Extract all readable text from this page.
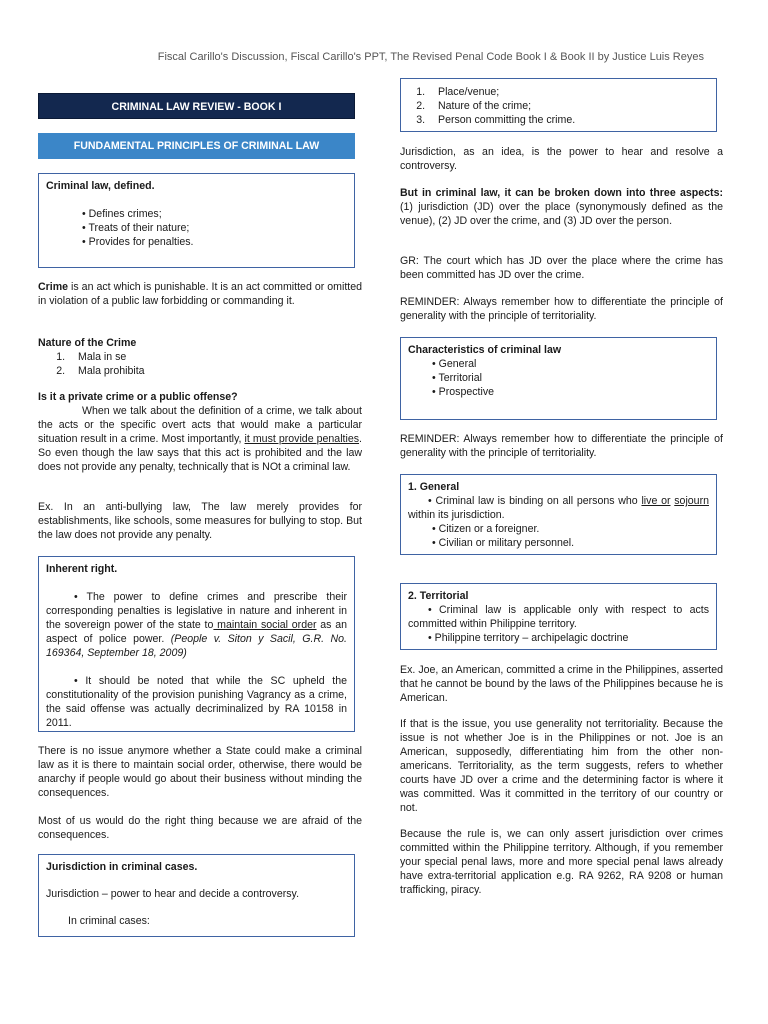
Fiscal Carillo's Discussion, Fiscal Carillo's PPT, The Revised Penal Code Book I & Book II by Justice Luis Reyes
CRIMINAL LAW REVIEW - BOOK I
FUNDAMENTAL PRINCIPLES OF CRIMINAL LAW
Criminal law, defined.
• Defines crimes;
• Treats of their nature;
• Provides for penalties.

Crime is an act which is punishable. It is an act committed or omitted in violation of a public law forbidding or commanding it.

Nature of the Crime
1. Mala in se
2. Mala prohibita
Is it a private crime or a public offense?

When we talk about the definition of a crime, we talk about the acts or the specific overt acts that would make a particular situation result in a crime. Most importantly, it must provide penalties. So even though the law says that this act is prohibited and the law does not provide any penalty, technically that is NOt a criminal law.

Ex. In an anti-bullying law, The law merely provides for establishments, like schools, some measures for bullying to stop. But the law does not provide any penalty.

Inherent right.

• The power to define crimes and prescribe their corresponding penalties is legislative in nature and inherent in the sovereign power of the state to maintain social order as an aspect of police power. (People v. Siton y Sacil, G.R. No. 169364, September 18, 2009)

• It should be noted that while the SC upheld the constitutionality of the provision punishing Vagrancy as a crime, the said offense was actually decriminalized by RA 10158 in 2011.

There is no issue anymore whether a State could make a criminal law as it is there to maintain social order, otherwise, there would be anarchy if people would go about their business without minding the consequences.

Most of us would do the right thing because we are afraid of the consequences.

Jurisdiction in criminal cases.

Jurisdiction – power to hear and decide a controversy.

In criminal cases:

1. Place/venue;
2. Nature of the crime;
3. Person committing the crime.

Jurisdiction, as an idea, is the power to hear and resolve a controversy.

But in criminal law, it can be broken down into three aspects: (1) jurisdiction (JD) over the place (synonymously defined as the venue), (2) JD over the crime, and (3) JD over the person.

GR: The court which has JD over the place where the crime has been committed has JD over the crime.

REMINDER: Always remember how to differentiate the principle of generality with the principle of territoriality.

Characteristics of criminal law
• General
• Territorial
• Prospective

REMINDER: Always remember how to differentiate the principle of generality with the principle of territoriality.

1. General

• Criminal law is binding on all persons who live or sojourn within its jurisdiction.

• Citizen or a foreigner.
• Civilian or military personnel.
2. Territorial

• Criminal law is applicable only with respect to acts committed within Philippine territory.

• Philippine territory – archipelagic doctrine

Ex. Joe, an American, committed a crime in the Philippines, asserted that he cannot be bound by the laws of the Philippines because he is American.

If that is the issue, you use generality not territoriality. Because the issue is not whether Joe is in the Philippines or not. Joe is an American, supposedly, differentiating him from the other non-americans. Territoriality, as the term suggests, refers to whether courts have JD over a crime and the determining factor is where it was committed. Was it committed in the territory of our country or not.

Because the rule is, we can only assert jurisdiction over crimes committed within the Philippine territory. Although, if you remember your special penal laws, more and more special penal laws already have extra-territorial application e.g. RA 9262, RA 9208 or human trafficking, piracy.
